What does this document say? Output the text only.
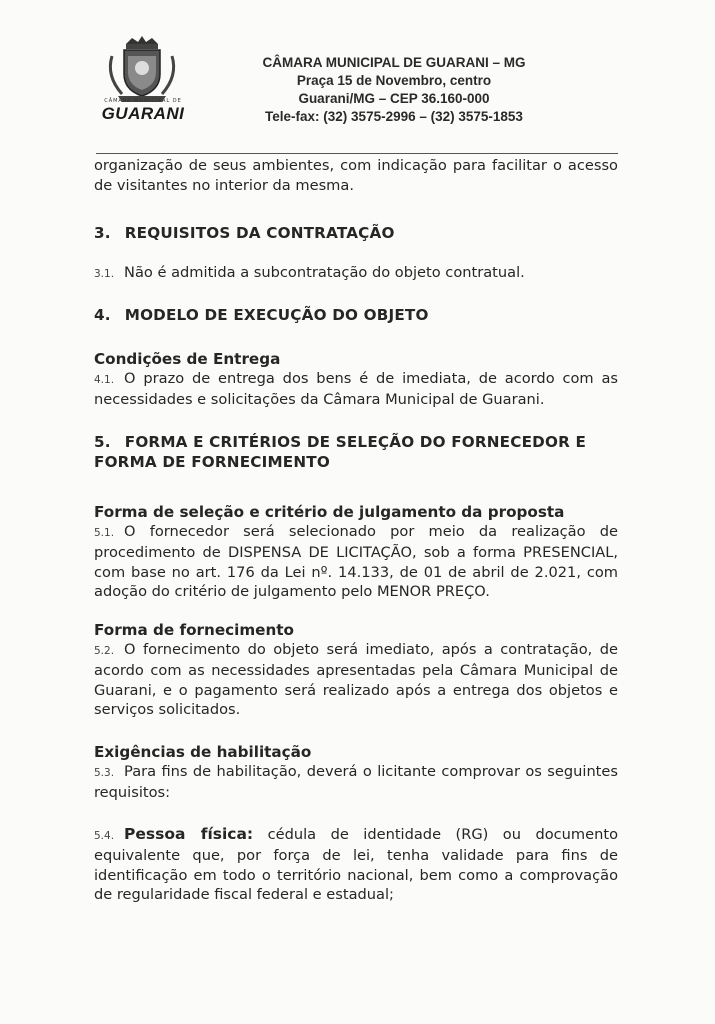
CÂMARA MUNICIPAL DE
GUARANI
CÂMARA MUNICIPAL DE GUARANI – MG
Praça 15 de Novembro, centro
Guarani/MG – CEP 36.160-000
Tele-fax: (32) 3575-2996 – (32) 3575-1853

organização de seus ambientes, com indicação para facilitar o acesso de visitantes no interior da mesma.

3. REQUISITOS DA CONTRATAÇÃO

3.1. Não é admitida a subcontratação do objeto contratual.

4. MODELO DE EXECUÇÃO DO OBJETO

Condições de Entrega

4.1. O prazo de entrega dos bens é de imediata, de acordo com as necessidades e solicitações da Câmara Municipal de Guarani.

5. FORMA E CRITÉRIOS DE SELEÇÃO DO FORNECEDOR E FORMA DE FORNECIMENTO

Forma de seleção e critério de julgamento da proposta

5.1. O fornecedor será selecionado por meio da realização de procedimento de DISPENSA DE LICITAÇÃO, sob a forma PRESENCIAL, com base no art. 176 da Lei nº. 14.133, de 01 de abril de 2.021, com adoção do critério de julgamento pelo MENOR PREÇO.

Forma de fornecimento

5.2. O fornecimento do objeto será imediato, após a contratação, de acordo com as necessidades apresentadas pela Câmara Municipal de Guarani, e o pagamento será realizado após a entrega dos objetos e serviços solicitados.

Exigências de habilitação

5.3. Para fins de habilitação, deverá o licitante comprovar os seguintes requisitos:

5.4. Pessoa física: cédula de identidade (RG) ou documento equivalente que, por força de lei, tenha validade para fins de identificação em todo o território nacional, bem como a comprovação de regularidade fiscal federal e estadual;
